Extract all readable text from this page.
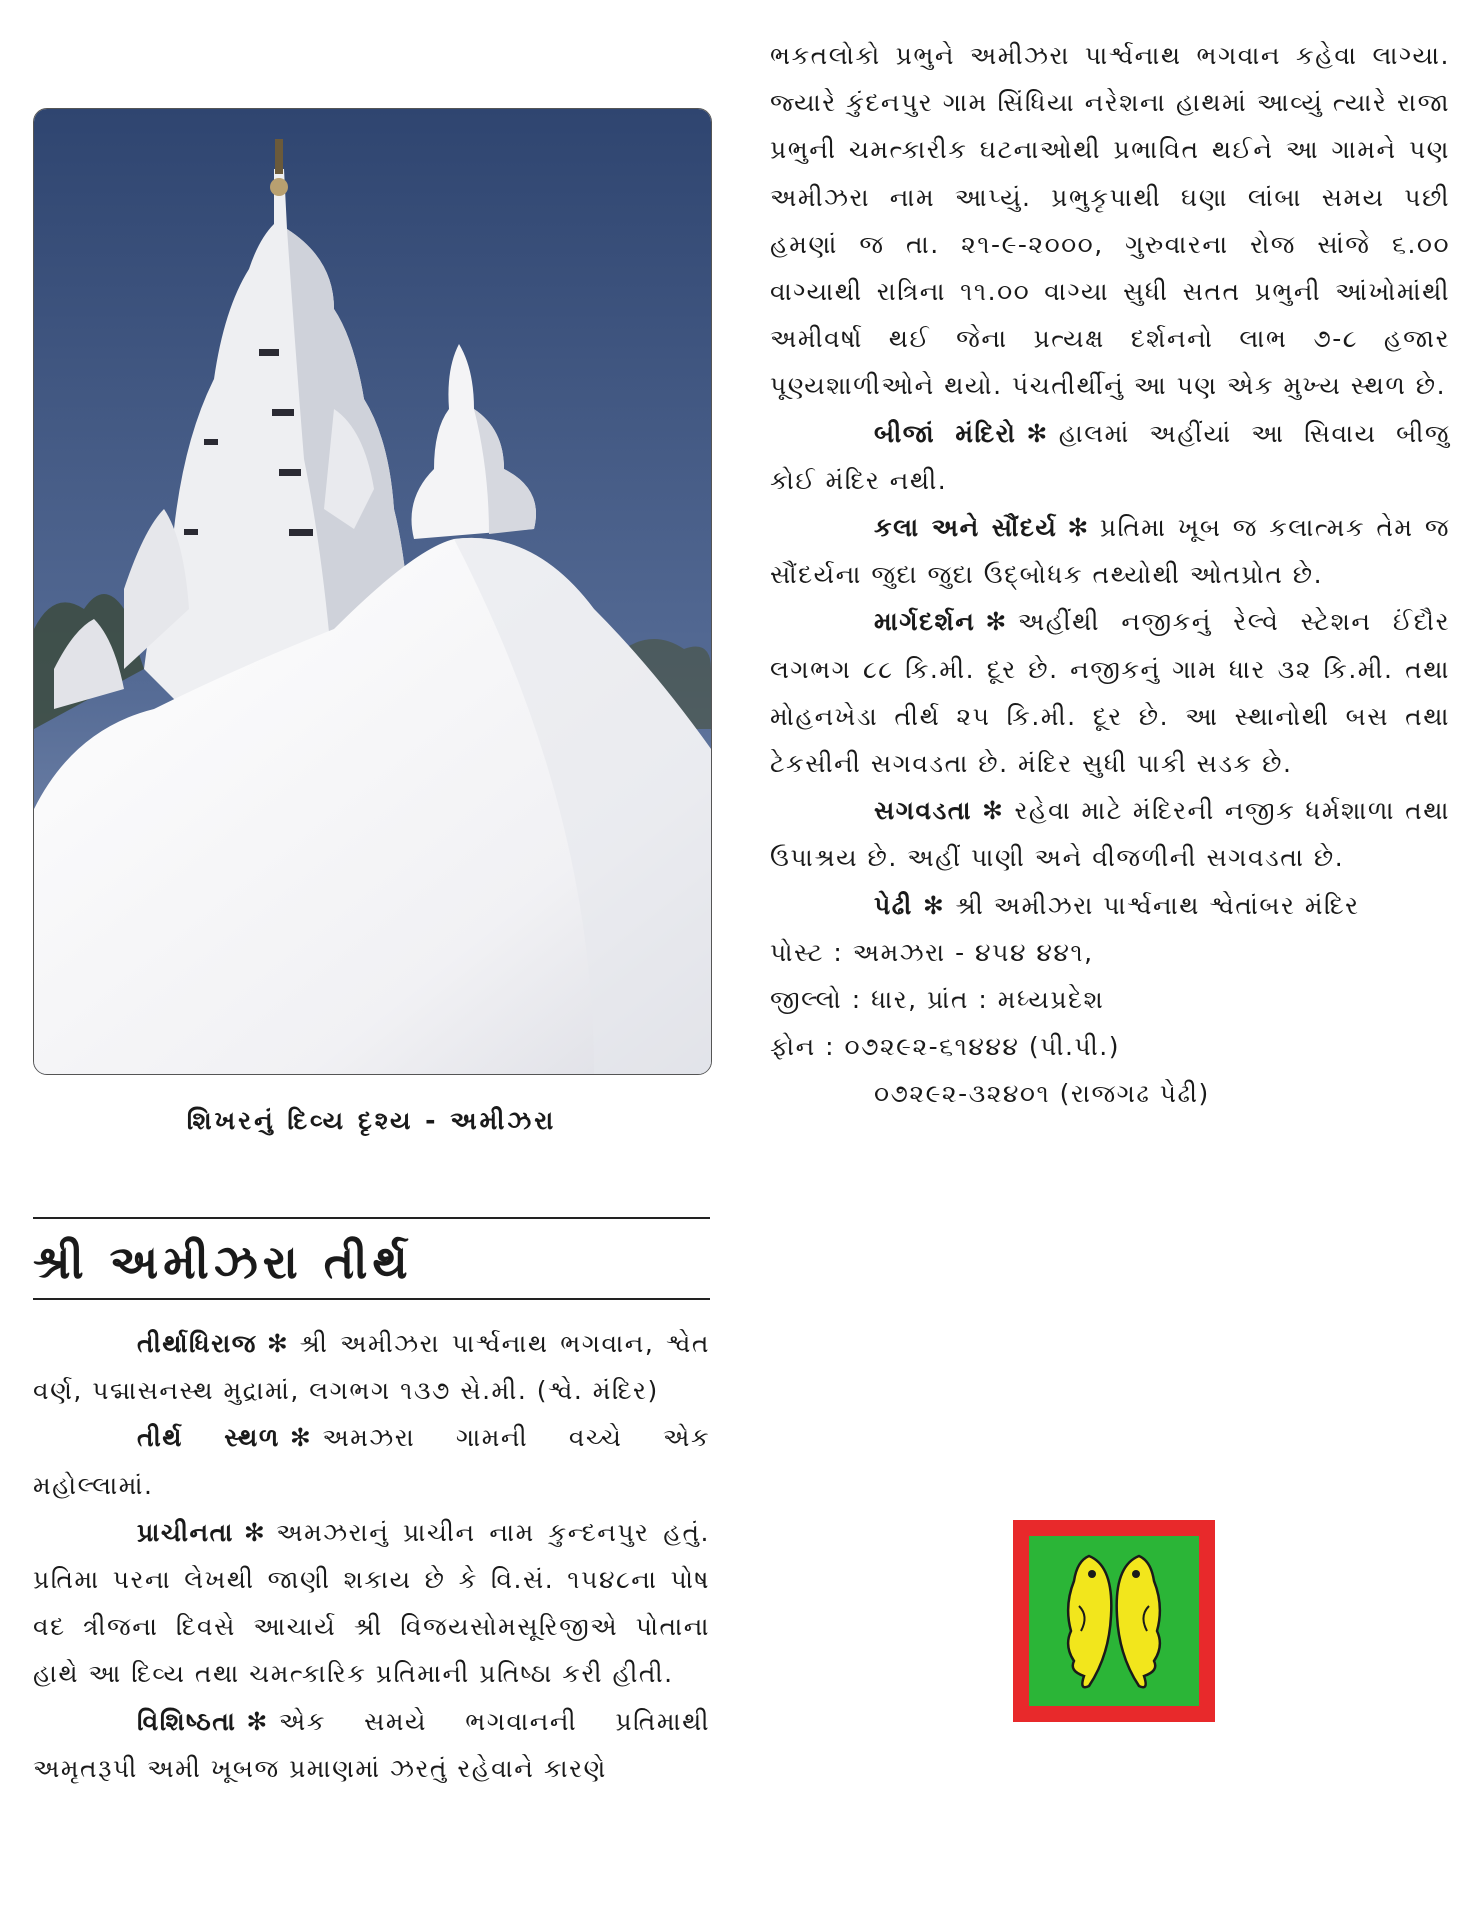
શિખરનું દિવ્ય દૃશ્ય - અમીઝરા
શ્રી અમીઝરા તીર્થ

તીર્થાધિરાજ ✻ શ્રી અમીઝરા પાર્શ્વનાથ ભગવાન, શ્વેત વર્ણ, પદ્માસનસ્થ મુદ્રામાં, લગભગ ૧૩૭ સે.મી. (શ્વે. મંદિર)

તીર્થ સ્થળ ✻ અમઝરા ગામની વચ્ચે એક મહોલ્લામાં.

પ્રાચીનતા ✻ અમઝરાનું પ્રાચીન નામ કુન્દનપુર હતું. પ્રતિમા પરના લેખથી જાણી શકાય છે કે વિ.સં. ૧૫૪૮ના પોષ વદ ત્રીજના દિવસે આચાર્ય શ્રી વિજયસોમસૂરિજીએ પોતાના હાથે આ દિવ્ય તથા ચમત્કારિક પ્રતિમાની પ્રતિષ્ઠા કરી હીતી.

વિશિષ્ઠતા ✻ એક સમયે ભગવાનની પ્રતિમાથી અમૃતરૂપી અમી ખૂબજ પ્રમાણમાં ઝરતું રહેવાને કારણે

ભકતલોકો પ્રભુને અમીઝરા પાર્શ્વનાથ ભગવાન કહેવા લાગ્યા. જ્યારે કુંદનપુર ગામ સિંધિયા નરેશના હાથમાં આવ્યું ત્યારે રાજા પ્રભુની ચમત્કારીક ઘટનાઓથી પ્રભાવિત થઈને આ ગામને પણ અમીઝરા નામ આપ્યું. પ્રભુકૃપાથી ઘણા લાંબા સમય પછી હમણાં જ તા. ૨૧-૯-૨૦૦૦, ગુરુવારના રોજ સાંજે ૬.૦૦ વાગ્યાથી રાત્રિના ૧૧.૦૦ વાગ્યા સુધી સતત પ્રભુની આંખોમાંથી અમીવર્ષા થઈ જેના પ્રત્યક્ષ દર્શનનો લાભ ૭-૮ હજાર પૂણ્યશાળીઓને થયો. પંચતીર્થીનું આ પણ એક મુખ્ય સ્થળ છે.

બીજાં મંદિરો ✻ હાલમાં અહીંયાં આ સિવાય બીજુ કોઈ મંદિર નથી.

કલા અને સૌંદર્ય ✻ પ્રતિમા ખૂબ જ કલાત્મક તેમ જ સૌંદર્યના જુદા જુદા ઉદ્બોધક તથ્યોથી ઓતપ્રોત છે.

માર્ગદર્શન ✻ અહીંથી નજીકનું રેલ્વે સ્ટેશન ઈંદૌર લગભગ ૮૮ કિ.મી. દૂર છે. નજીકનું ગામ ધાર ૩૨ કિ.મી. તથા મોહનખેડા તીર્થ ૨૫ કિ.મી. દૂર છે. આ સ્થાનોથી બસ તથા ટેકસીની સગવડતા છે. મંદિર સુધી પાકી સડક છે.

સગવડતા ✻ રહેવા માટે મંદિરની નજીક ધર્મશાળા તથા ઉપાશ્રય છે. અહીં પાણી અને વીજળીની સગવડતા છે.

પેઢી ✻ શ્રી અમીઝરા પાર્શ્વનાથ શ્વેતાંબર મંદિર

પોસ્ટ : અમઝરા - ૪૫૪ ૪૪૧,

જીલ્લો : ધાર, પ્રાંત : મધ્યપ્રદેશ

ફોન : ૦૭૨૯૨-૬૧૪૪૪ (પી.પી.)

૦૭૨૯૨-૩૨૪૦૧ (રાજગઢ પેઢી)
